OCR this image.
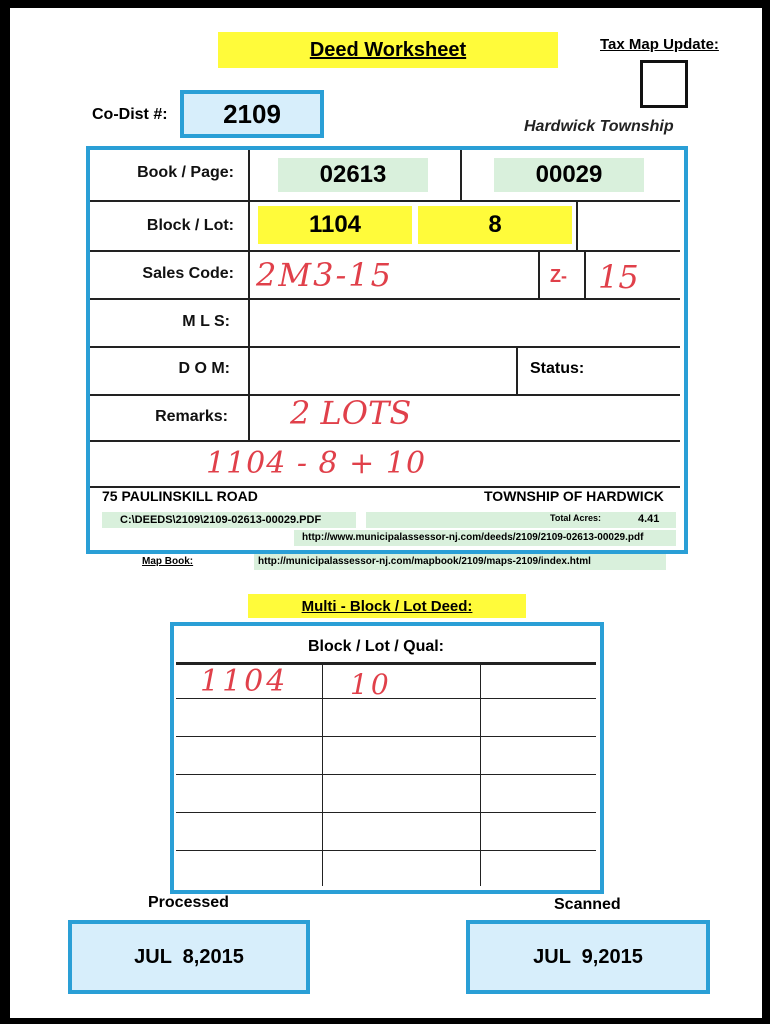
Deed Worksheet	Tax Map Update:
Co-Dist #: 2109	Hardwick Township
Book / Page:	02613	00029
Block / Lot:	1104	8
Sales Code: 2M3-15	Z- 15
M L S:
D O M:	Status:
Remarks: 2 LOTS
1104 - 8 + 10
75 PAULINSKILL ROAD	TOWNSHIP OF HARDWICK
C:\DEEDS\2109\2109-02613-00029.PDF	Total Acres:	4.41
http://www.municipalassessor-nj.com/deeds/2109/2109-02613-00029.pdf
Map Book:	http://municipalassessor-nj.com/mapbook/2109/maps-2109/index.html
Multi - Block / Lot Deed:
Block / Lot / Qual:
1104 10
Processed
JUL  8,2015
Scanned
JUL  9,2015
